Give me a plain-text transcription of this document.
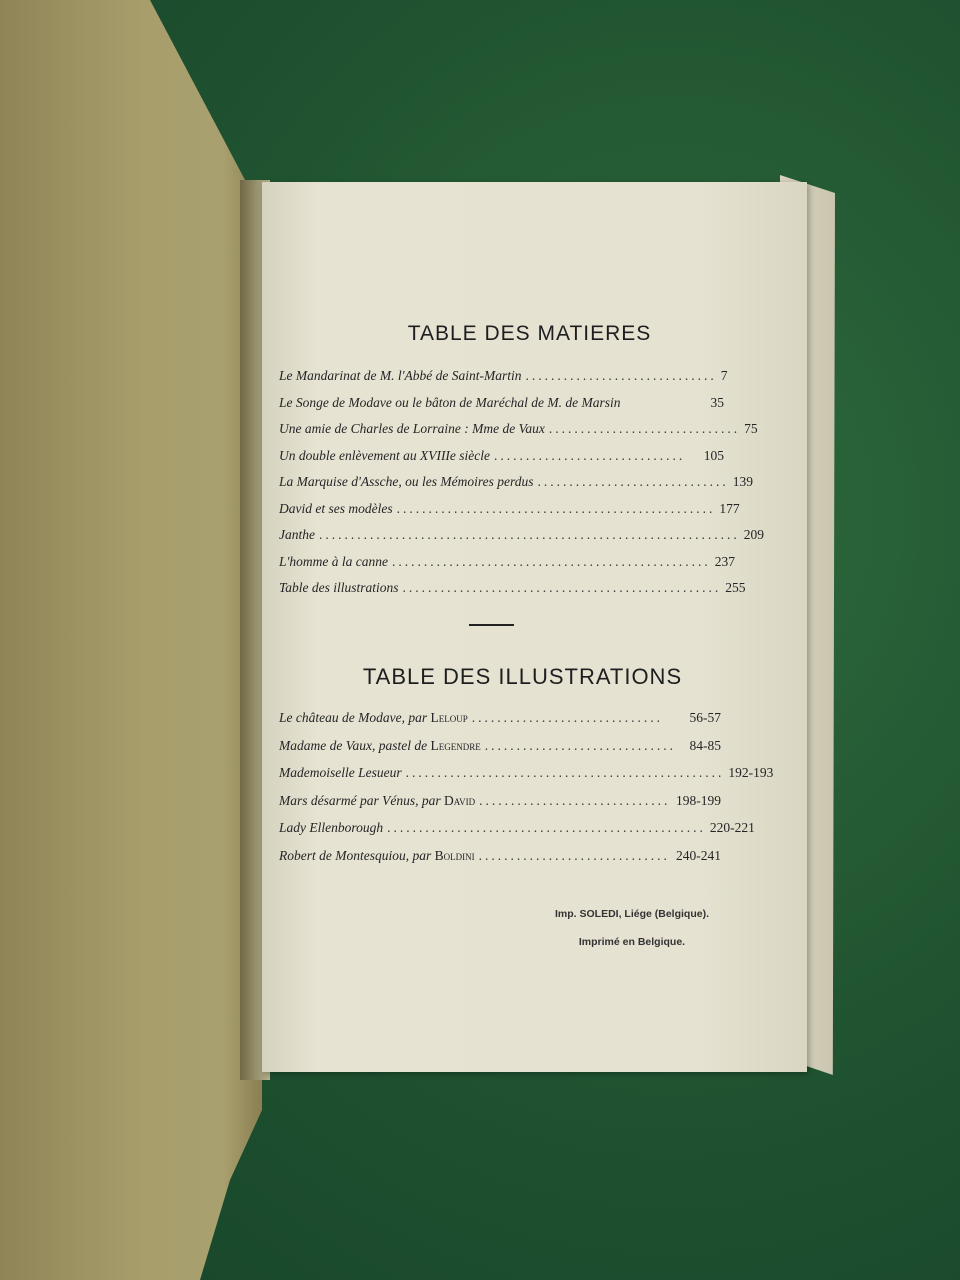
TABLE DES MATIERES
Le Mandarinat de M. l'Abbé de Saint-Martin .............................. 7
Le Songe de Modave ou le bâton de Maréchal de M. de Marsin	35
Une amie de Charles de Lorraine : Mme de Vaux .............................. 75
Un double enlèvement au XVIIIe siècle ..............................	105
La Marquise d'Assche, ou les Mémoires perdus .............................. 139
David et ses modèles .................................................. 177
Janthe .................................................................. 209
L'homme à la canne .................................................. 237
Table des illustrations .................................................. 255
TABLE DES ILLUSTRATIONS
Le château de Modave, par Leloup ..............................	56-57
Madame de Vaux, pastel de Legendre ..............................	84-85
Mademoiselle Lesueur .................................................. 192-193
Mars désarmé par Vénus, par David .............................. 198-199
Lady Ellenborough .................................................. 220-221
Robert de Montesquiou, par Boldini .............................. 240-241
Imp. SOLEDI, Liége (Belgique).
Imprimé en Belgique.
